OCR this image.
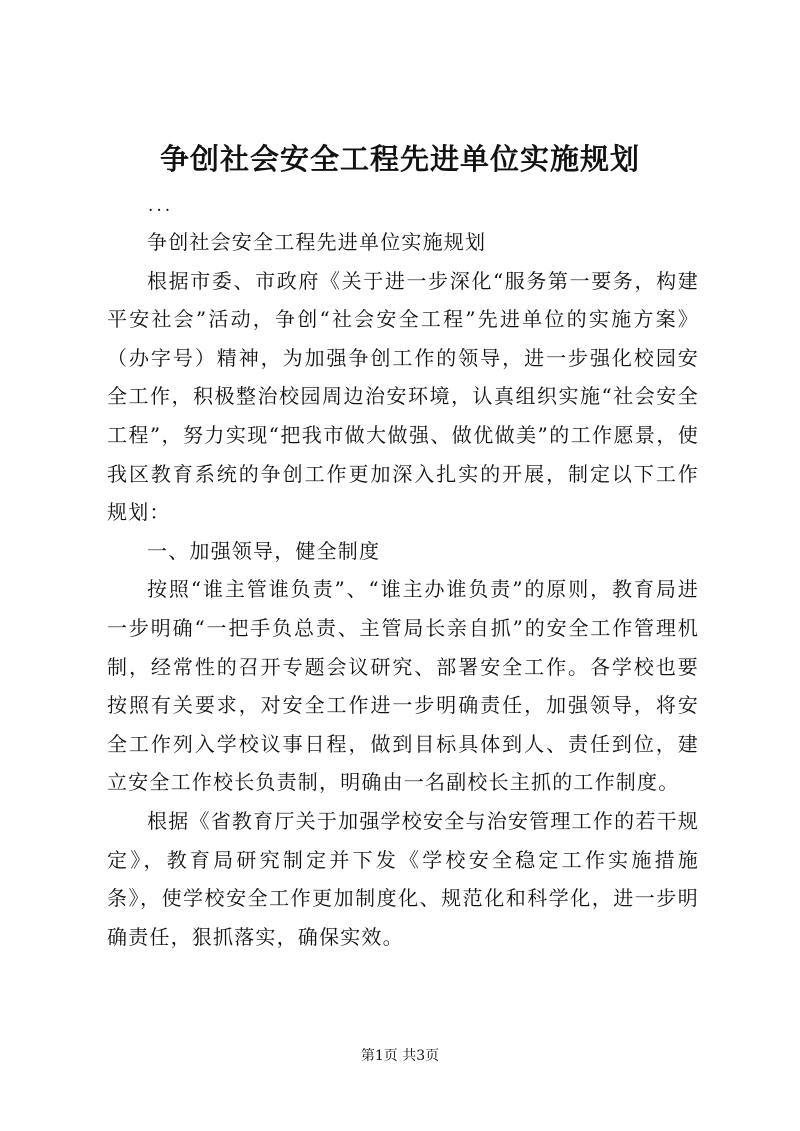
争创社会安全工程先进单位实施规划
...

争创社会安全工程先进单位实施规划

根据市委、市政府《关于进一步深化“服务第一要务，构建平安社会”活动，争创“社会安全工程”先进单位的实施方案》（办字号）精神，为加强争创工作的领导，进一步强化校园安全工作，积极整治校园周边治安环境，认真组织实施“社会安全工程”，努力实现“把我市做大做强、做优做美”的工作愿景，使我区教育系统的争创工作更加深入扎实的开展，制定以下工作规划：

一、加强领导，健全制度

按照“谁主管谁负责”、“谁主办谁负责”的原则，教育局进一步明确“一把手负总责、主管局长亲自抓”的安全工作管理机制，经常性的召开专题会议研究、部署安全工作。各学校也要按照有关要求，对安全工作进一步明确责任，加强领导，将安全工作列入学校议事日程，做到目标具体到人、责任到位，建立安全工作校长负责制，明确由一名副校长主抓的工作制度。

根据《省教育厅关于加强学校安全与治安管理工作的若干规定》，教育局研究制定并下发《学校安全稳定工作实施措施条》，使学校安全工作更加制度化、规范化和科学化，进一步明确责任，狠抓落实，确保实效。

第1页 共3页
